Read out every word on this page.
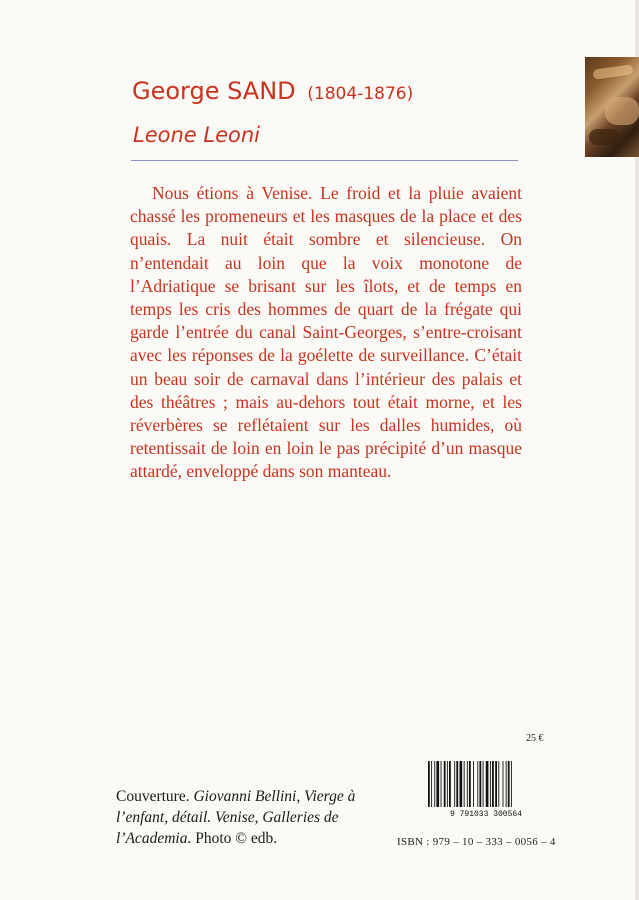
George SAND (1804-1876)
Leone Leoni

Nous étions à Venise. Le froid et la pluie avaient chassé les promeneurs et les masques de la place et des quais. La nuit était sombre et silencieuse. On n’entendait au loin que la voix monotone de l’Adriatique se brisant sur les îlots, et de temps en temps les cris des hommes de quart de la frégate qui garde l’entrée du canal Saint-Georges, s’entre-croisant avec les réponses de la goélette de surveillance. C’était un beau soir de carnaval dans l’intérieur des palais et des théâtres ; mais au-dehors tout était morne, et les réverbères se reflétaient sur les dalles humides, où retentissait de loin en loin le pas précipité d’un masque attardé, enveloppé dans son manteau.

25 €
9 791033 300564
ISBN : 979 – 10 – 333 – 0056 – 4

Couverture. Giovanni Bellini, Vierge à l’enfant, détail. Venise, Galleries de l’Academia. Photo © edb.
